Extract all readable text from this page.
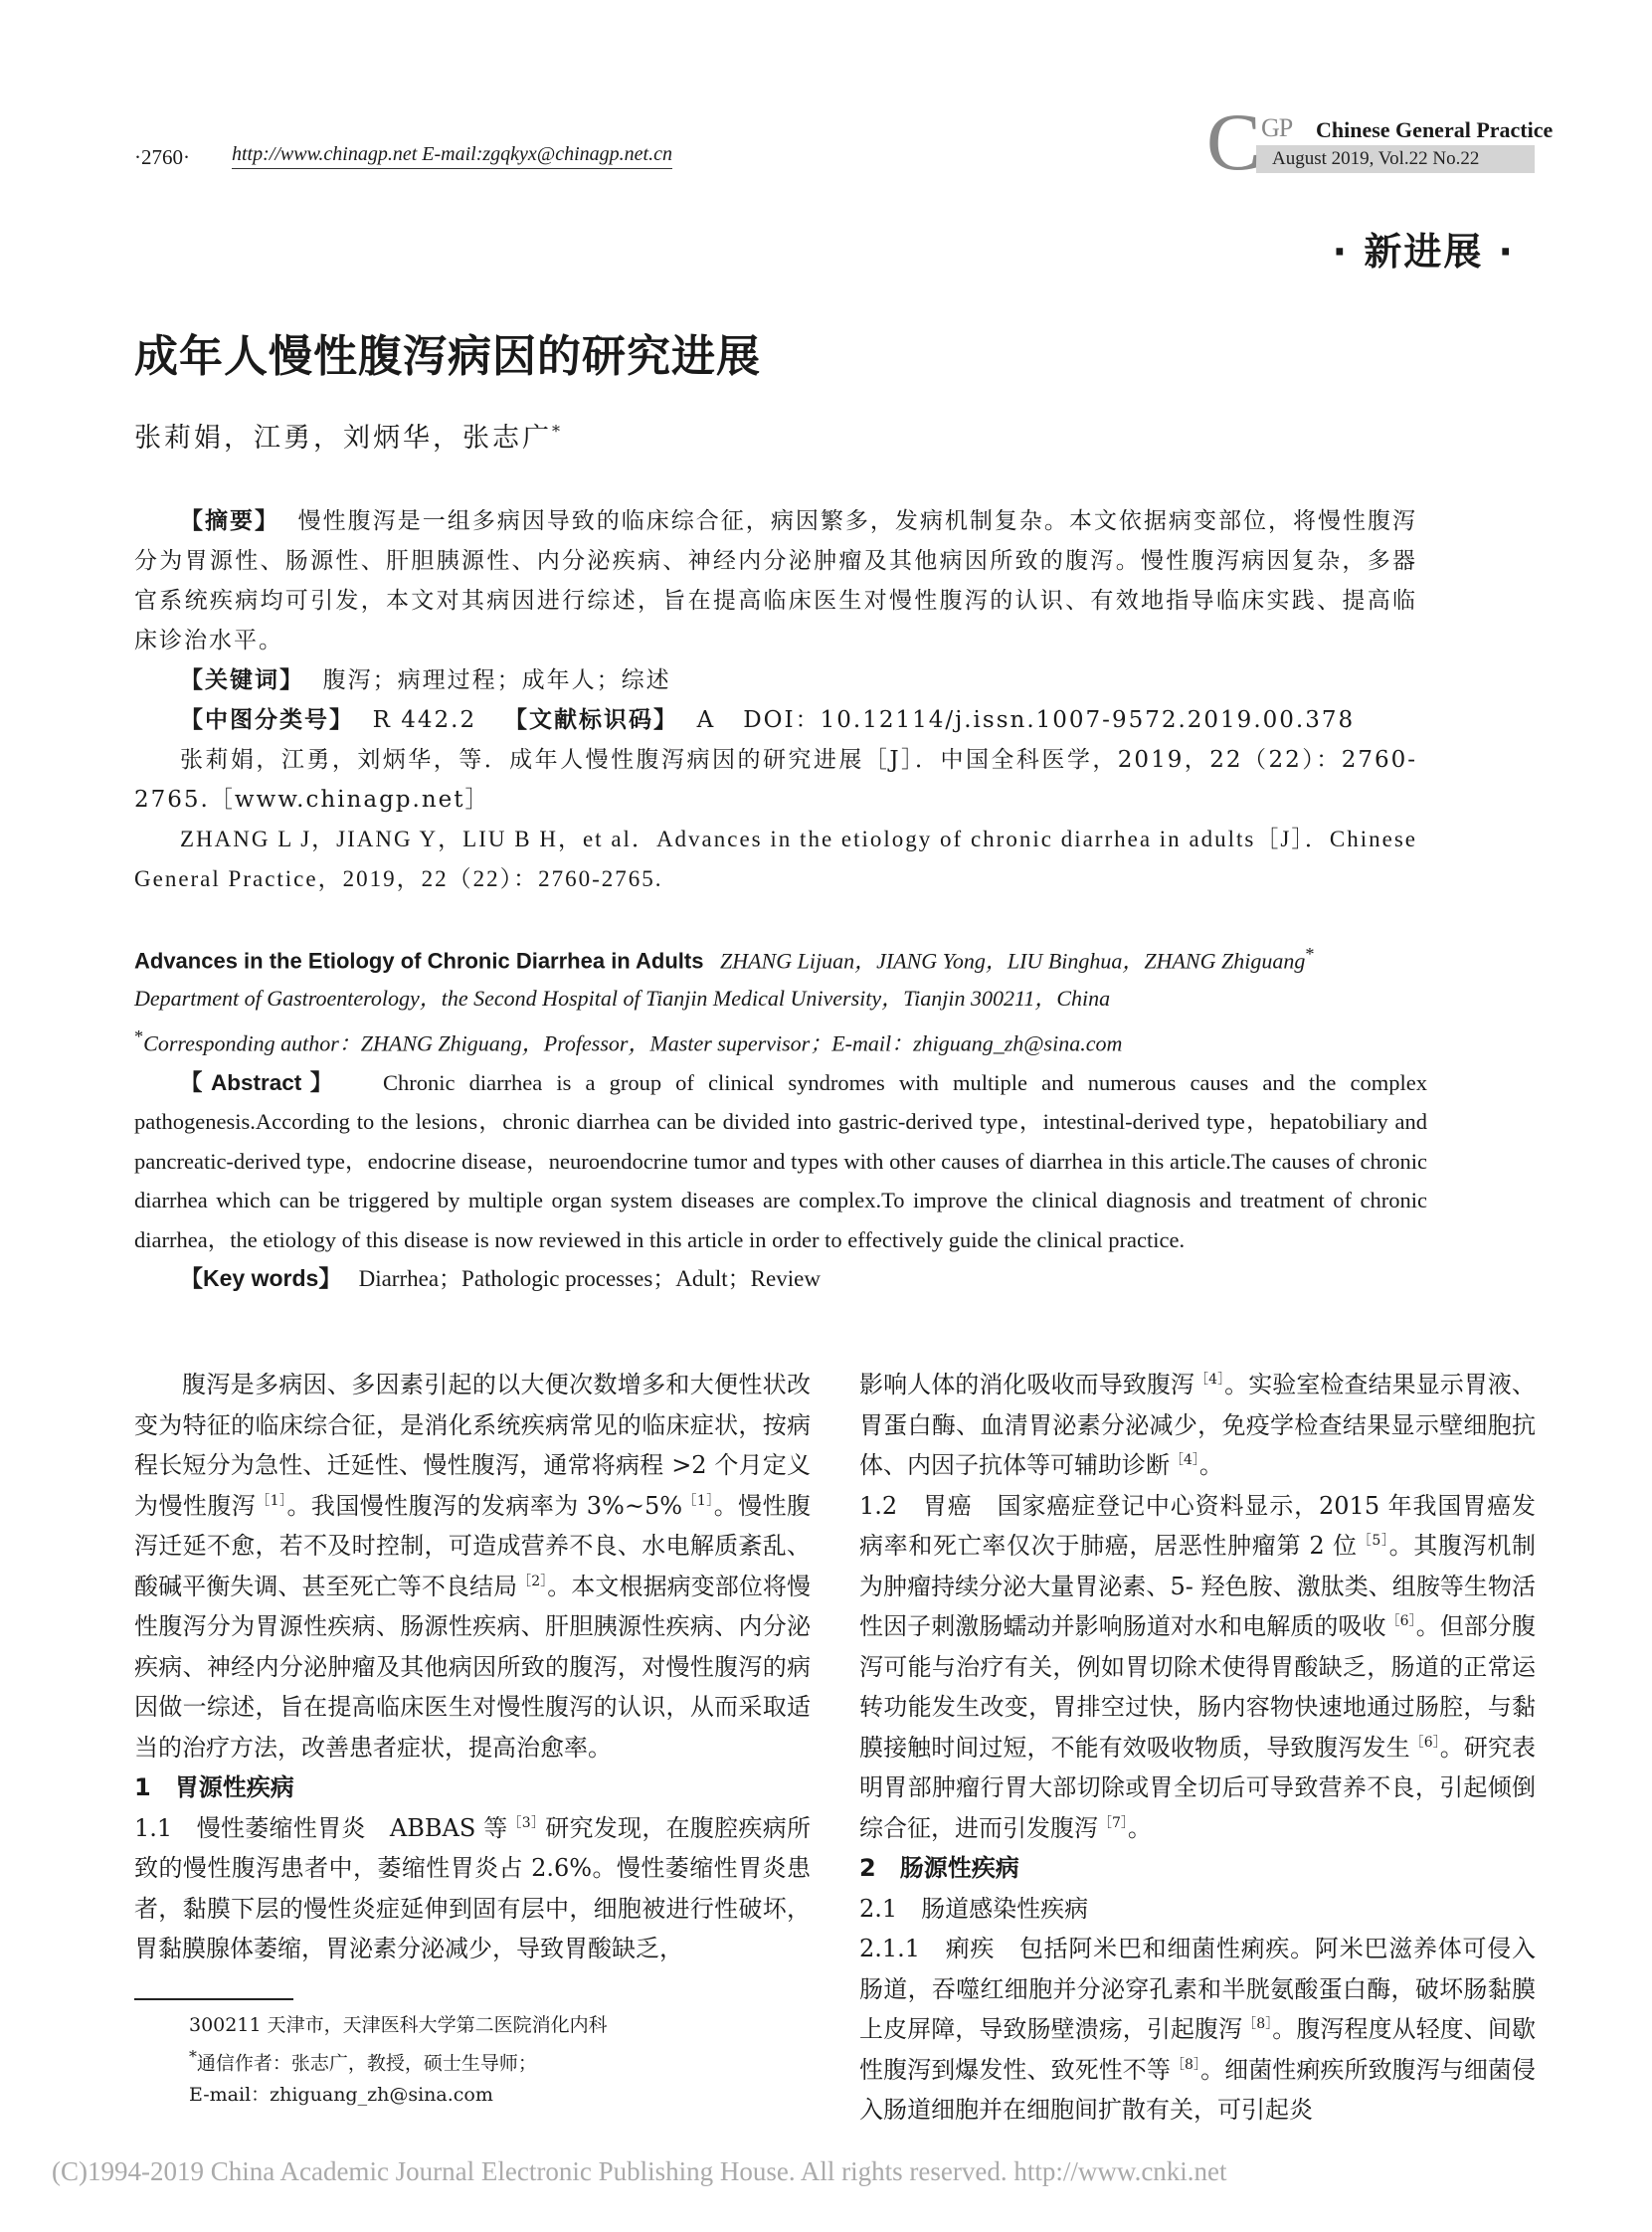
·2760· http://www.chinagp.net E-mail:zgqkyx@chinagp.net.cn	C GP Chinese General Practice
August 2019, Vol.22 No.22
· 新进展 ·
成年人慢性腹泻病因的研究进展
张莉娟，江勇，刘炳华，张志广*
【摘要】 慢性腹泻是一组多病因导致的临床综合征，病因繁多，发病机制复杂。本文依据病变部位，将慢性腹泻分为胃源性、肠源性、肝胆胰源性、内分泌疾病、神经内分泌肿瘤及其他病因所致的腹泻。慢性腹泻病因复杂，多器官系统疾病均可引发，本文对其病因进行综述，旨在提高临床医生对慢性腹泻的认识、有效地指导临床实践、提高临床诊治水平。
【关键词】 腹泻；病理过程；成年人；综述
【中图分类号】 R 442.2 【文献标识码】 A DOI：10.12114/j.issn.1007-9572.2019.00.378
张莉娟，江勇，刘炳华，等．成年人慢性腹泻病因的研究进展［J］．中国全科医学，2019，22（22）：2760-2765.［www.chinagp.net］
ZHANG L J，JIANG Y，LIU B H，et al．Advances in the etiology of chronic diarrhea in adults［J］．Chinese General Practice，2019，22（22）：2760-2765.
Advances in the Etiology of Chronic Diarrhea in Adults ZHANG Lijuan，JIANG Yong，LIU Binghua，ZHANG Zhiguang*
Department of Gastroenterology，the Second Hospital of Tianjin Medical University，Tianjin 300211，China
*Corresponding author：ZHANG Zhiguang，Professor，Master supervisor；E-mail：zhiguang_zh@sina.com
【Abstract】 Chronic diarrhea is a group of clinical syndromes with multiple and numerous causes and the complex pathogenesis.According to the lesions，chronic diarrhea can be divided into gastric-derived type，intestinal-derived type，hepatobiliary and pancreatic-derived type，endocrine disease，neuroendocrine tumor and types with other causes of diarrhea in this article.The causes of chronic diarrhea which can be triggered by multiple organ system diseases are complex.To improve the clinical diagnosis and treatment of chronic diarrhea，the etiology of this disease is now reviewed in this article in order to effectively guide the clinical practice.
【Key words】 Diarrhea；Pathologic processes；Adult；Review

腹泻是多病因、多因素引起的以大便次数增多和大便性状改变为特征的临床综合征，是消化系统疾病常见的临床症状，按病程长短分为急性、迁延性、慢性腹泻，通常将病程 >2 个月定义为慢性腹泻$^{[1]}$。我国慢性腹泻的发病率为 3%~5%$^{[1]}$。慢性腹泻迁延不愈，若不及时控制，可造成营养不良、水电解质紊乱、酸碱平衡失调、甚至死亡等不良结局$^{[2]}$。本文根据病变部位将慢性腹泻分为胃源性疾病、肠源性疾病、肝胆胰源性疾病、内分泌疾病、神经内分泌肿瘤及其他病因所致的腹泻，对慢性腹泻的病因做一综述，旨在提高临床医生对慢性腹泻的认识，从而采取适当的治疗方法，改善患者症状，提高治愈率。

1　胃源性疾病

1.1　慢性萎缩性胃炎　ABBAS 等$^{[3]}$研究发现，在腹腔疾病所致的慢性腹泻患者中，萎缩性胃炎占 2.6%。慢性萎缩性胃炎患者，黏膜下层的慢性炎症延伸到固有层中，细胞被进行性破坏，胃黏膜腺体萎缩，胃泌素分泌减少，导致胃酸缺乏，

影响人体的消化吸收而导致腹泻$^{[4]}$。实验室检查结果显示胃液、胃蛋白酶、血清胃泌素分泌减少，免疫学检查结果显示壁细胞抗体、内因子抗体等可辅助诊断$^{[4]}$。

1.2　胃癌　国家癌症登记中心资料显示，2015 年我国胃癌发病率和死亡率仅次于肺癌，居恶性肿瘤第 2 位$^{[5]}$。其腹泻机制为肿瘤持续分泌大量胃泌素、5- 羟色胺、激肽类、组胺等生物活性因子刺激肠蠕动并影响肠道对水和电解质的吸收$^{[6]}$。但部分腹泻可能与治疗有关，例如胃切除术使得胃酸缺乏，肠道的正常运转功能发生改变，胃排空过快，肠内容物快速地通过肠腔，与黏膜接触时间过短，不能有效吸收物质，导致腹泻发生$^{[6]}$。研究表明胃部肿瘤行胃大部切除或胃全切后可导致营养不良，引起倾倒综合征，进而引发腹泻$^{[7]}$。

2　肠源性疾病

2.1　肠道感染性疾病

2.1.1　痢疾　包括阿米巴和细菌性痢疾。阿米巴滋养体可侵入肠道，吞噬红细胞并分泌穿孔素和半胱氨酸蛋白酶，破坏肠黏膜上皮屏障，导致肠壁溃疡，引起腹泻$^{[8]}$。腹泻程度从轻度、间歇性腹泻到爆发性、致死性不等$^{[8]}$。细菌性痢疾所致腹泻与细菌侵入肠道细胞并在细胞间扩散有关，可引起炎

300211 天津市，天津医科大学第二医院消化内科
*通信作者：张志广，教授，硕士生导师；
E-mail：zhiguang_zh@sina.com
(C)1994-2019 China Academic Journal Electronic Publishing House. All rights reserved. http://www.cnki.net
